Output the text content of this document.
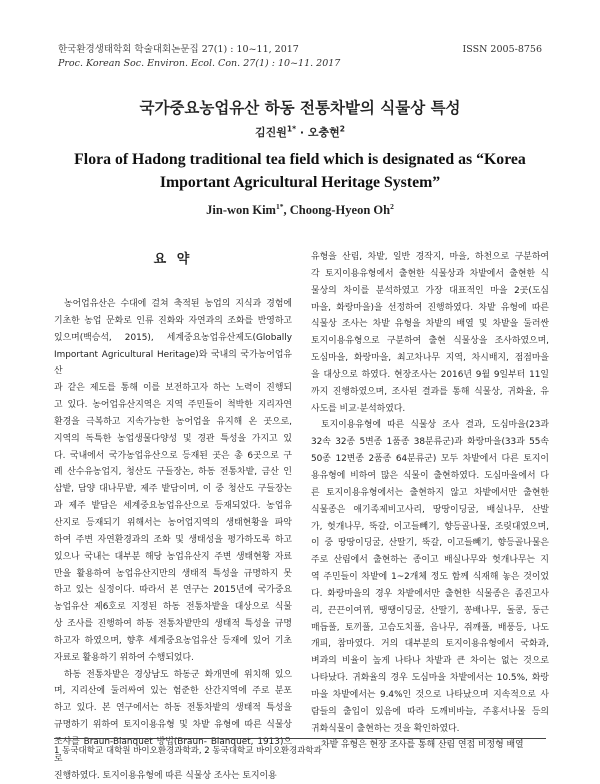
한국환경생태학회 학술대회논문집 27(1) : 10~11, 2017	ISSN 2005-8756
Proc. Korean Soc. Environ. Ecol. Con. 27(1) : 10~11. 2017
국가중요농업유산 하동 전통차밭의 식물상 특성
김진원$^{1*}$ · 오충현$^2$
Flora of Hadong traditional tea field which is designated as “Korea Important Agricultural Heritage System”
Jin-won Kim$^{1*}$, Choong-Hyeon Oh$^2$
요 약

농어업유산은 수대에 걸쳐 축적된 농업의 지식과 경험에

기초한 농업 문화로 인류 진화와 자연과의 조화를 반영하고

있으며(백승석, 2015), 세계중요농업유산제도(Globally

Important Agricultural Heritage)와 국내의 국가농어업유산

과 같은 제도를 통해 이를 보전하고자 하는 노력이 진행되

고 있다. 농어업유산지역은 지역 주민들이 척박한 지리자연

환경을 극복하고 지속가능한 농어업을 유지해 온 곳으로,

지역의 독특한 농업생물다양성 및 경관 특성을 가지고 있

다. 국내에서 국가농업유산으로 등재된 곳은 총 6곳으로 구

례 산수유농업지, 청산도 구들장논, 하동 전통차밭, 금산 인

삼밭, 담양 대나무밭, 제주 밭담이며, 이 중 청산도 구들장논

과 제주 밭담은 세계중요농업유산으로 등재되었다. 농업유

산지로 등재되기 위해서는 농어업지역의 생태현황을 파악

하여 주변 자연환경과의 조화 및 생태성을 평가하도록 하고

있으나 국내는 대부분 해당 농업유산지 주변 생태현황 자료

만을 활용하여 농업유산지만의 생태적 특성을 규명하지 못

하고 있는 실정이다. 따라서 본 연구는 2015년에 국가중요

농업유산 제6호로 지정된 하동 전통차밭을 대상으로 식물

상 조사를 진행하여 하동 전통차밭만의 생태적 특성을 규명

하고자 하였으며, 향후 세계중요농업유산 등재에 있어 기초

자료로 활용하기 위하여 수행되었다.

하동 전통차밭은 경상남도 하동군 화개면에 위치해 있으

며, 지리산에 둘러싸여 있는 험준한 산간지역에 주로 분포

하고 있다. 본 연구에서는 하동 전통차밭의 생태적 특성을

규명하기 위하여 토지이용유형 및 차밭 유형에 따른 식물상

조사를 Braun-Blanquet 방법(Braun- Blanquet, 1913)으로

진행하였다. 토지이용유형에 따른 식물상 조사는 토지이용

유형을 산림, 차밭, 일반 경작지, 마을, 하천으로 구분하여

각 토지이용유형에서 출현한 식물상과 차밭에서 출현한 식

물상의 차이를 분석하였고 가장 대표적인 마을 2곳(도심

마을, 화랑마을)을 선정하여 진행하였다. 차밭 유형에 따른

식물상 조사는 차밭 유형을 차밭의 배열 및 차밭을 둘러싼

토지이용유형으로 구분하여 출현 식물상을 조사하였으며,

도심마을, 화랑마을, 최고차나무 지역, 차시배지, 점점마을

을 대상으로 하였다. 현장조사는 2016년 9월 9일부터 11일

까지 진행하였으며, 조사된 결과를 통해 식물상, 귀화율, 유

사도를 비교·분석하였다.

토지이용유형에 따른 식물상 조사 결과, 도심마을(23과

32속 32종 5변종 1품종 38분류군)과 화랑마을(33과 55속

50종 12변종 2품종 64분류군) 모두 차밭에서 다른 토지이

용유형에 비하여 많은 식물이 출현하였다. 도심마을에서 다

른 토지이용유형에서는 출현하지 않고 차밭에서만 출현한

식물종은 애기족제비고사리, 땅땅이딩굴, 배실나무, 산발

가, 헛개나무, 뚝갈, 이고들빼기, 향등골나물, 조릿대였으며,

이 중 땅땅이딩굴, 산딸기, 뚝갈, 이고들빼기, 향등골나물은

주로 산림에서 출현하는 종이고 배실나무와 헛개나무는 지

역 주민들이 차밭에 1~2개체 정도 함께 식재해 놓은 것이었

다. 화랑마을의 경우 차밭에서만 출현한 식물종은 좀진고사

리, 끈끈이여뀌, 땡땡이딩굴, 산딸기, 꽁배나무, 돌콩, 둥근

매듭풀, 토끼풀, 고슴도치풀, 음나무, 쥐깨풀, 배풍등, 나도

개피, 참마였다. 거의 대부분의 토지이용유형에서 국화과,

벼과의 비율이 높게 나타나 차밭과 큰 차이는 없는 것으로

나타났다. 귀화율의 경우 도심마을 차밭에서는 10.5%, 화랑

마을 차밭에서는 9.4%인 것으로 나타났으며 지속적으로 사

람들의 출입이 있음에 따라 도깨비바늘, 주홍서나물 등의

귀화식물이 출현하는 것을 확인하였다.

차밭 유형은 현장 조사를 통해 산림 연접 비정형 배열

1 동국대학교 대학원 바이오환경과학과, 2 동국대학교 바이오환경과학과
